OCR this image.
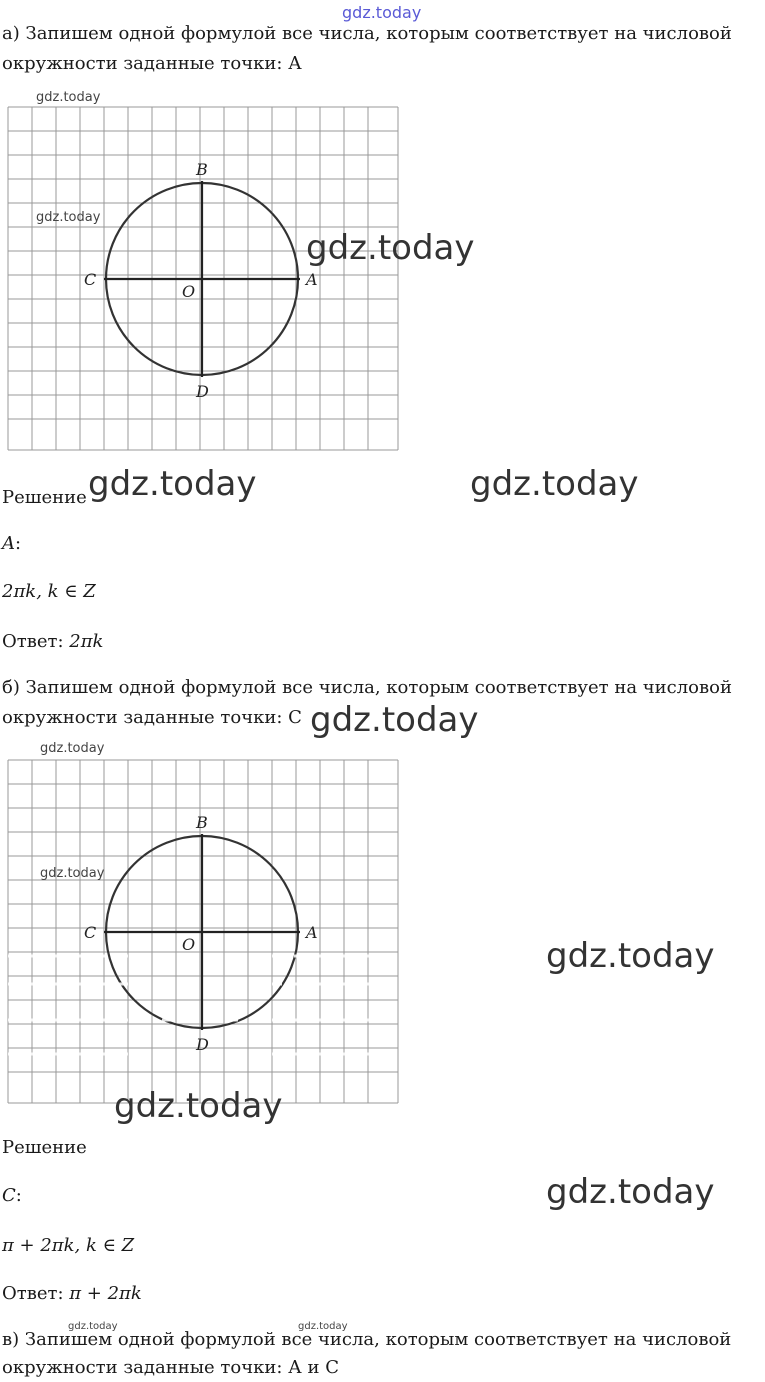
gdz.today
а) Запишем одной формулой все числа, которым соответствует на числовой
окружности заданные точки: А
gdz.today
B
C	A
O
D
gdz.today
gdz.today
Решение gdz.today	gdz.today
A:
2πk, k ∈ Z
Ответ: 2πk
б) Запишем одной формулой все числа, которым соответствует на числовой
окружности заданные точки: С gdz.today
gdz.today
B
C	A
O
D
gdz.today
gdz.today
gdz.today
Решение
gdz.today
C:
π + 2πk, k ∈ Z
Ответ: π + 2πk
gdz.today	gdz.today
в) Запишем одной формулой все числа, которым соответствует на числовой
окружности заданные точки: А и С
